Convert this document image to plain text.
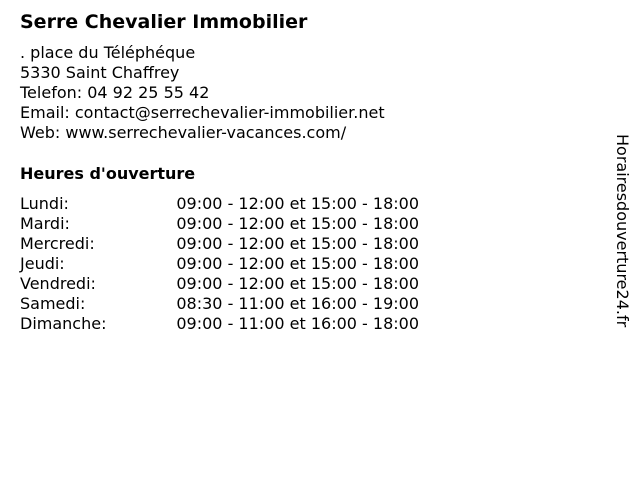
Serre Chevalier Immobilier
. place du Téléphéque
5330 Saint Chaffrey
Telefon: 04 92 25 55 42
Email: contact@serrechevalier-immobilier.net
Web: www.serrechevalier-vacances.com/
Heures d'ouverture
Lundi:	09:00 - 12:00 et 15:00 - 18:00
Mardi:	09:00 - 12:00 et 15:00 - 18:00
Mercredi:	09:00 - 12:00 et 15:00 - 18:00
Jeudi:	09:00 - 12:00 et 15:00 - 18:00
Vendredi:	09:00 - 12:00 et 15:00 - 18:00
Samedi:	08:30 - 11:00 et 16:00 - 19:00
Dimanche:	09:00 - 11:00 et 16:00 - 18:00	Horairesdouverture24.fr
